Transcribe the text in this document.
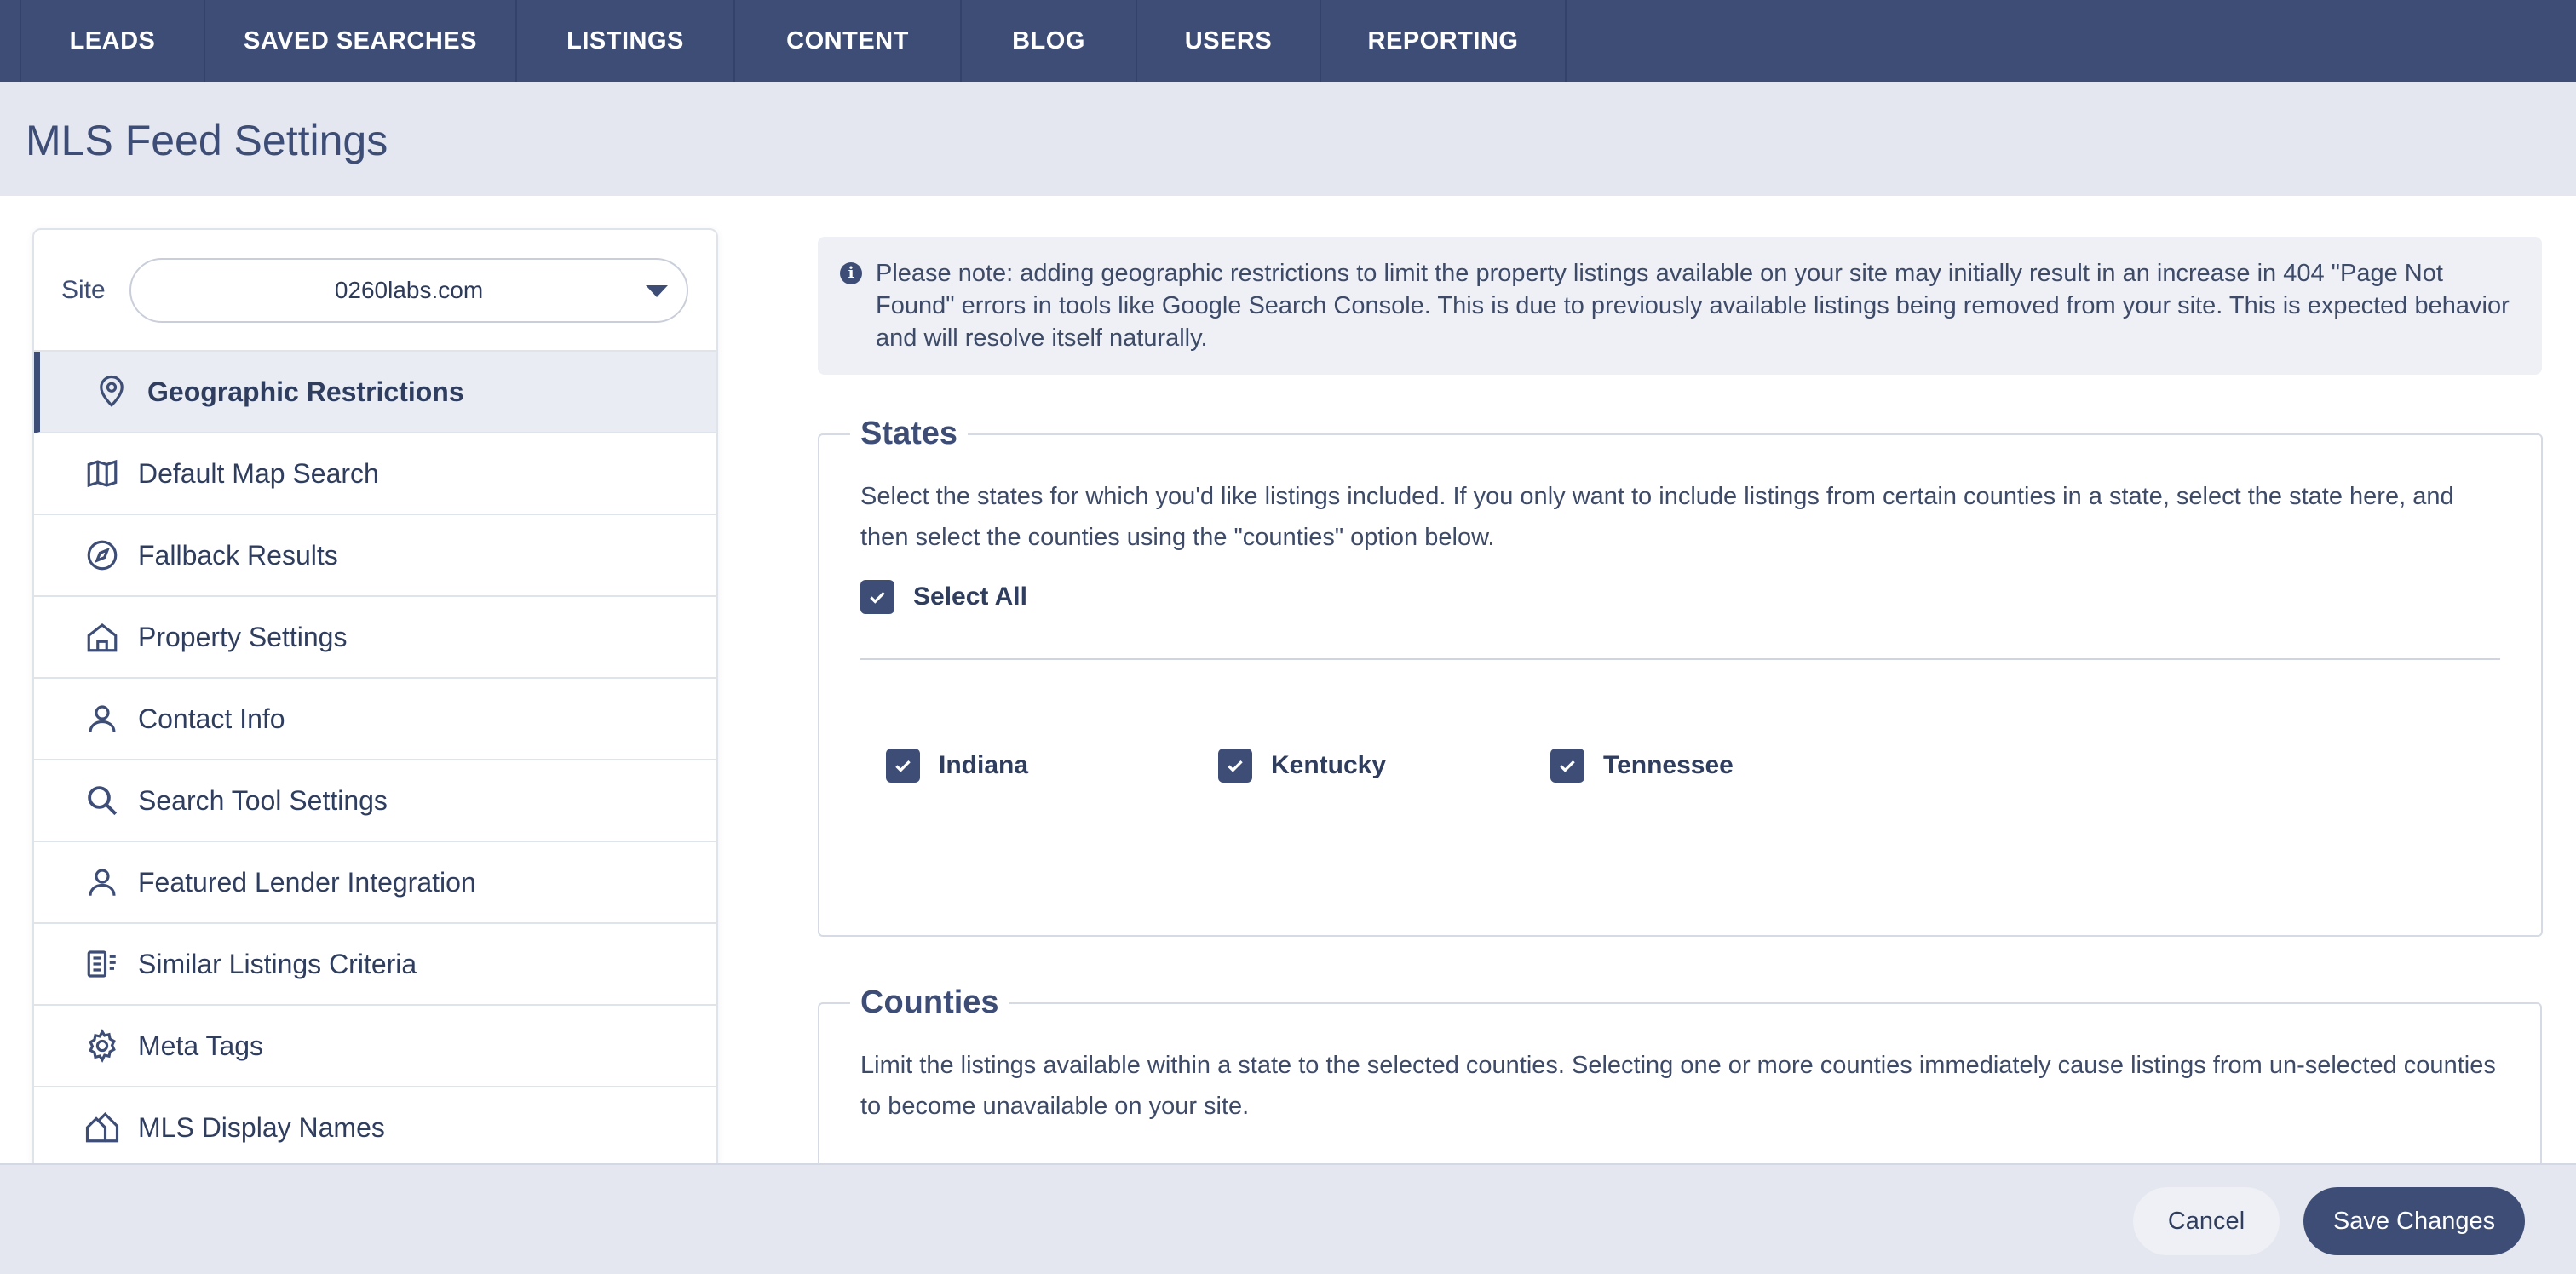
LEADS	SAVED SEARCHES	LISTINGS	CONTENT	BLOG	USERS	REPORTING
MLS Feed Settings
Site	0260labs.com
Geographic Restrictions
Default Map Search
Fallback Results
Property Settings
Contact Info
Search Tool Settings
Featured Lender Integration
Similar Listings Criteria
Meta Tags
MLS Display Names
i Please note: adding geographic restrictions to limit the property listings available on your site may initially result in an increase in 404 "Page Not Found" errors in tools like Google Search Console. This is due to previously available listings being removed from your site. This is expected behavior and will resolve itself naturally.

States

Select the states for which you'd like listings included. If you only want to include listings from certain counties in a state, select the state here, and then select the counties using the "counties" option below.

Select All
Indiana	Kentucky	Tennessee
Counties

Limit the listings available within a state to the selected counties. Selecting one or more counties immediately cause listings from un-selected counties to become unavailable on your site.

Cancel	Save Changes
